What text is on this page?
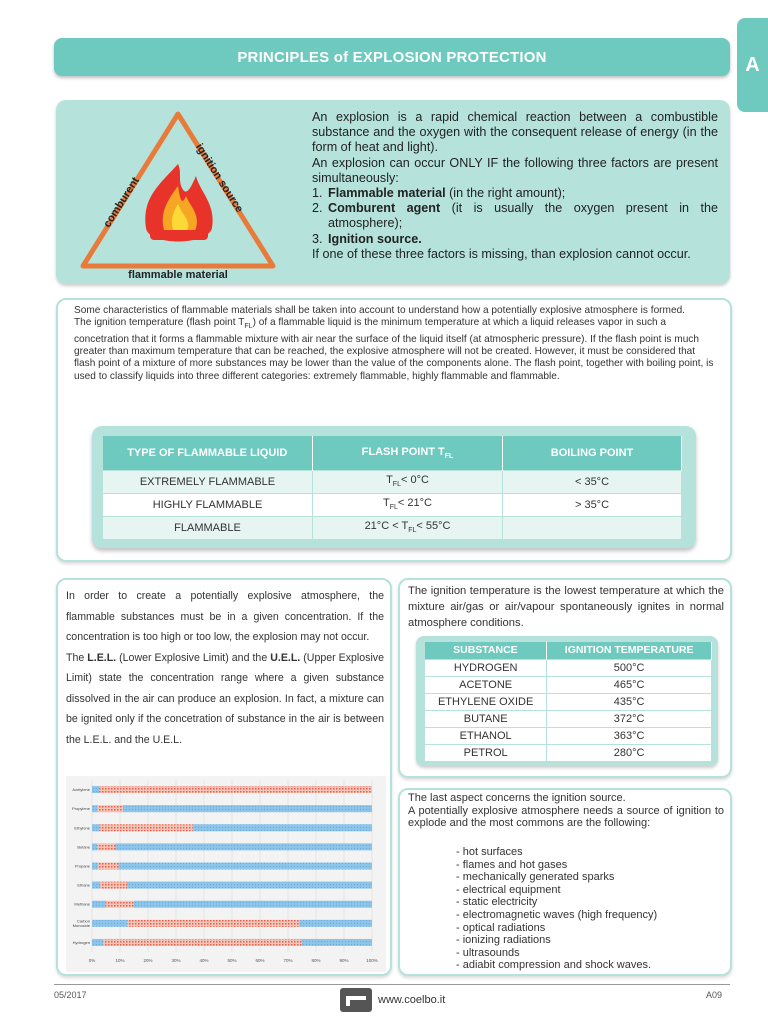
PRINCIPLES of EXPLOSION PROTECTION	A
comburent
ignition source
flammable material
An explosion is a rapid chemical reaction between a combustible substance and the oxygen with the consequent release of energy (in the form of heat and light).
An explosion can occur ONLY IF the following three factors are present simultaneously:
1. Flammable material (in the right amount);
2. Comburent agent (it is usually the oxygen present in the atmosphere);
3. Ignition source.
If one of these three factors is missing, than explosion cannot occur.
Some characteristics of flammable materials shall be taken into account to understand how a potentially explosive atmosphere is formed.
The ignition temperature (flash point $T_{FL}$) of a flammable liquid is the minimum temperature at which a liquid releases vapor in such a concetration that it forms a flammable mixture with air near the surface of the liquid itself (at atmospheric pressure). If the flash point is much greater than maximum temperature that can be reached, the explosive atmosphere will not be created. However, it must be considered that flash point of a mixture of more substances may be lower than the value of the components alone. The flash point, together with boiling point, is used to classify liquids into three different categories: extremely flammable, highly flammable and flammable.
TYPE OF FLAMMABLE LIQUID	FLASH POINT $T_{FL}$	BOILING POINT
EXTREMELY FLAMMABLE	$T_{FL}< 0^\circ C$	< 35°C
HIGHLY FLAMMABLE	$T_{FL}< 21^\circ C$	> 35°C
FLAMMABLE	$21^\circ C < T_{FL}< 55^\circ C$	
In order to create a potentially explosive atmosphere, the flammable substances must be in a given concentration. If the concentration is too high or too low, the explosion may not occur.
The L.E.L. (Lower Explosive Limit) and the U.E.L. (Upper Explosive Limit) state the concentration range where a given substance dissolved in the air can produce an explosion. In fact, a mixture can be ignited only if the concetration of substance in the air is between the L.E.L. and the U.E.L.
Acetylene
Propylene
Ethylene
Butane
Propane
Ethane
Methane
Carbon Monoxide
Hydrogen
0%	10%	20%	30%	40%	50%	60%	70%	80%	90%	100%
The ignition temperature is the lowest temperature at which the mixture air/gas or air/vapour spontaneously ignites in normal atmosphere conditions.
SUBSTANCE	IGNITION TEMPERATURE
HYDROGEN	500°C
ACETONE	465°C
ETHYLENE OXIDE	435°C
BUTANE	372°C
ETHANOL	363°C
PETROL	280°C
The last aspect concerns the ignition source.
A potentially explosive atmosphere needs a source of ignition to explode and the most commons are the following:
- hot surfaces
- flames and hot gases
- mechanically generated sparks
- electrical equipment
- static electricity
- electromagnetic waves (high frequency)
- optical radiations
- ionizing radiations
- ultrasounds
- adiabit compression and shock waves.
05/2017	www.coelbo.it	A09
